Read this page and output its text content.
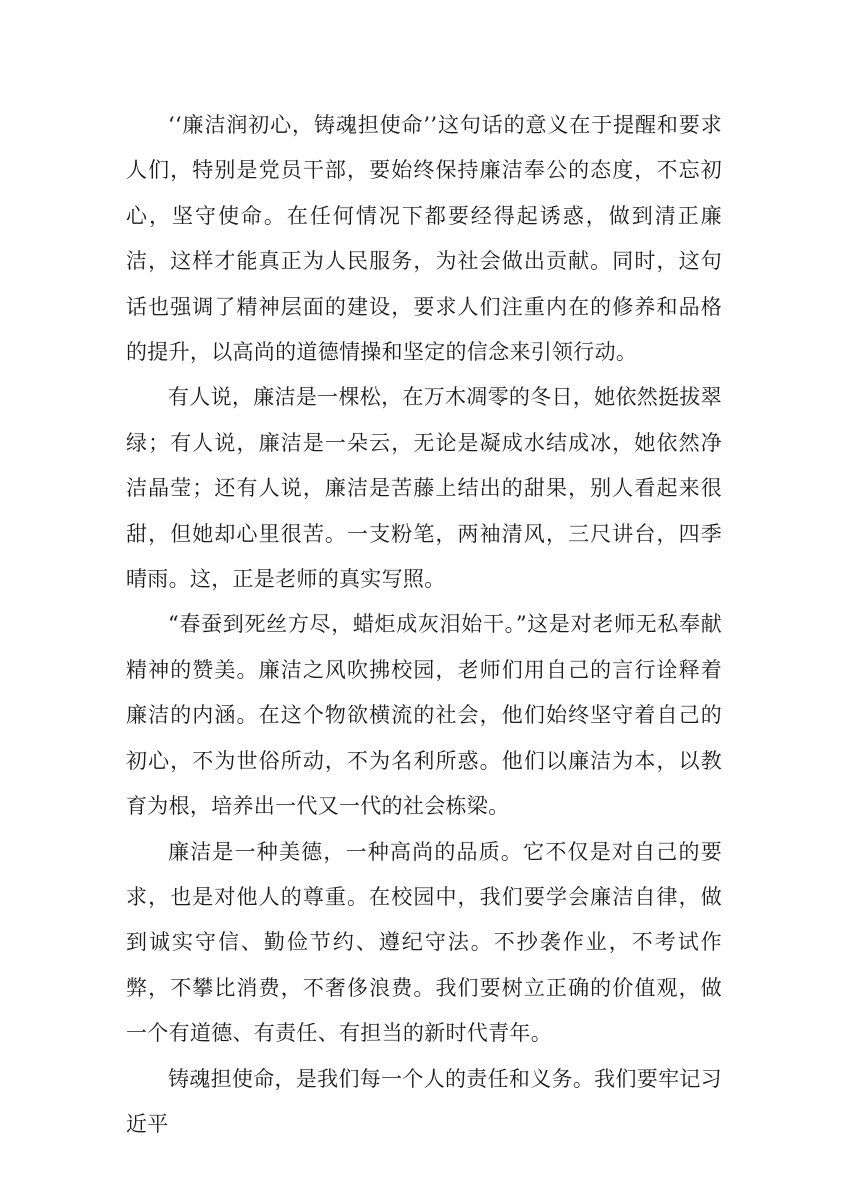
‘‘廉洁润初心，铸魂担使命’’这句话的意义在于提醒和要求人们，特别是党员干部，要始终保持廉洁奉公的态度，不忘初心，坚守使命。在任何情况下都要经得起诱惑，做到清正廉洁，这样才能真正为人民服务，为社会做出贡献。同时，这句话也强调了精神层面的建设，要求人们注重内在的修养和品格的提升，以高尚的道德情操和坚定的信念来引领行动。

有人说，廉洁是一棵松，在万木凋零的冬日，她依然挺拔翠绿；有人说，廉洁是一朵云，无论是凝成水结成冰，她依然净洁晶莹；还有人说，廉洁是苦藤上结出的甜果，别人看起来很甜，但她却心里很苦。一支粉笔，两袖清风，三尺讲台，四季晴雨。这，正是老师的真实写照。

“春蚕到死丝方尽，蜡炬成灰泪始干。”这是对老师无私奉献精神的赞美。廉洁之风吹拂校园，老师们用自己的言行诠释着廉洁的内涵。在这个物欲横流的社会，他们始终坚守着自己的初心，不为世俗所动，不为名利所惑。他们以廉洁为本，以教育为根，培养出一代又一代的社会栋梁。

廉洁是一种美德，一种高尚的品质。它不仅是对自己的要求，也是对他人的尊重。在校园中，我们要学会廉洁自律，做到诚实守信、勤俭节约、遵纪守法。不抄袭作业，不考试作弊，不攀比消费，不奢侈浪费。我们要树立正确的价值观，做一个有道德、有责任、有担当的新时代青年。

铸魂担使命，是我们每一个人的责任和义务。我们要牢记习近平
